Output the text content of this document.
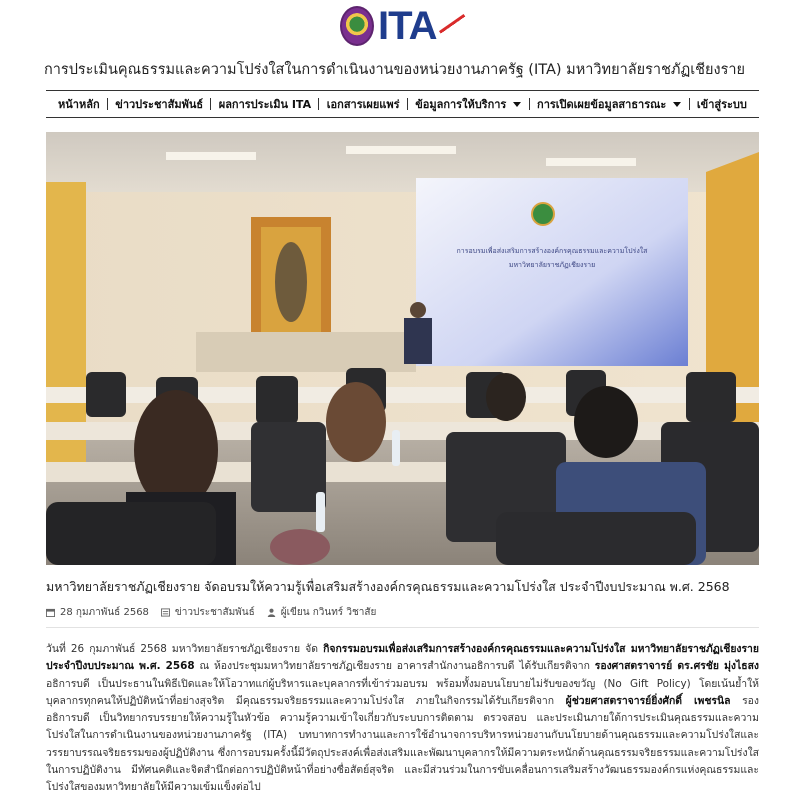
ITA
การประเมินคุณธรรมและความโปร่งใสในการดำเนินงานของหน่วยงานภาครัฐ (ITA) มหาวิทยาลัยราชภัฏเชียงราย
หน้าหลัก ข่าวประชาสัมพันธ์ ผลการประเมิน ITA เอกสารเผยแพร่ ข้อมูลการให้บริการ	การเปิดเผยข้อมูลสาธารณะ	เข้าสู่ระบบ
การอบรมเพื่อส่งเสริมการสร้างองค์กรคุณธรรมและความโปร่งใส
มหาวิทยาลัยราชภัฏเชียงราย
มหาวิทยาลัยราชภัฏเชียงราย จัดอบรมให้ความรู้เพื่อเสริมสร้างองค์กรคุณธรรมและความโปร่งใส ประจำปีงบประมาณ พ.ศ. 2568
28 กุมภาพันธ์ 2568	ข่าวประชาสัมพันธ์	ผู้เขียน กวินทร์ วิชาสัย
วันที่ 26 กุมภาพันธ์ 2568 มหาวิทยาลัยราชภัฏเชียงราย จัด กิจกรรมอบรมเพื่อส่งเสริมการสร้างองค์กรคุณธรรมและความโปร่งใส มหาวิทยาลัยราชภัฏเชียงราย ประจำปีงบประมาณ พ.ศ. 2568 ณ ห้องประชุมมหาวิทยาลัยราชภัฏเชียงราย อาคารสำนักงานอธิการบดี ได้รับเกียรติจาก รองศาสตราจารย์ ดร.ศรชัย มุ่งไธสง อธิการบดี เป็นประธานในพิธีเปิดและให้โอวาทแก่ผู้บริหารและบุคลากรที่เข้าร่วมอบรม พร้อมทั้งมอบนโยบายไม่รับของขวัญ (No Gift Policy) โดยเน้นย้ำให้บุคลากรทุกคนให้ปฏิบัติหน้าที่อย่างสุจริต มีคุณธรรมจริยธรรมและความโปร่งใส ภายในกิจกรรมได้รับเกียรติจาก ผู้ช่วยศาสตราจารย์ยิ่งศักดิ์ เพชรนิล รองอธิการบดี เป็นวิทยากรบรรยายให้ความรู้ในหัวข้อ ความรู้ความเข้าใจเกี่ยวกับระบบการติดตาม ตรวจสอบ และประเมินภายใต้การประเมินคุณธรรมและความโปร่งใสในการดำเนินงานของหน่วยงานภาครัฐ (ITA) บทบาทการทำงานและการใช้อำนาจการบริหารหน่วยงานกับนโยบายด้านคุณธรรมและความโปร่งใสและวรรยาบรรณจริยธรรมของผู้ปฏิบัติงาน ซึ่งการอบรมครั้งนี้มีวัตถุประสงค์เพื่อส่งเสริมและพัฒนาบุคลากรให้มีความตระหนักด้านคุณธรรมจริยธรรมและความโปร่งใสในการปฏิบัติงาน มีทัศนคติและจิตสำนึกต่อการปฏิบัติหน้าที่อย่างซื่อสัตย์สุจริต และมีส่วนร่วมในการขับเคลื่อนการเสริมสร้างวัฒนธรรมองค์กรแห่งคุณธรรมและโปร่งใสของมหาวิทยาลัยให้มีความเข้มแข็งต่อไป
